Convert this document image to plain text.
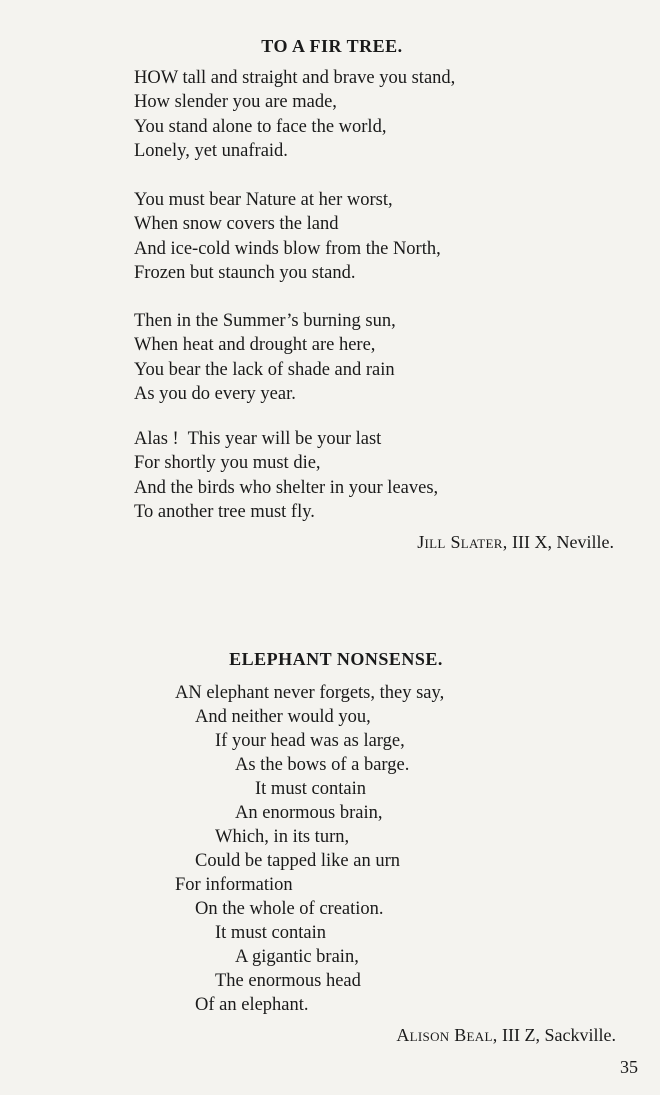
TO A FIR TREE.
HOW tall and straight and brave you stand,
How slender you are made,
You stand alone to face the world,
Lonely, yet unafraid.
You must bear Nature at her worst,
When snow covers the land
And ice-cold winds blow from the North,
Frozen but staunch you stand.
Then in the Summer’s burning sun,
When heat and drought are here,
You bear the lack of shade and rain
As you do every year.
Alas !  This year will be your last
For shortly you must die,
And the birds who shelter in your leaves,
To another tree must fly.

Jill Slater, III X, Neville.

ELEPHANT NONSENSE.
AN elephant never forgets, they say,
And neither would you,
If your head was as large,
As the bows of a barge.
It must contain
An enormous brain,
Which, in its turn,
Could be tapped like an urn
For information
On the whole of creation.
It must contain
A gigantic brain,
The enormous head
Of an elephant.

Alison Beal, III Z, Sackville.

35
